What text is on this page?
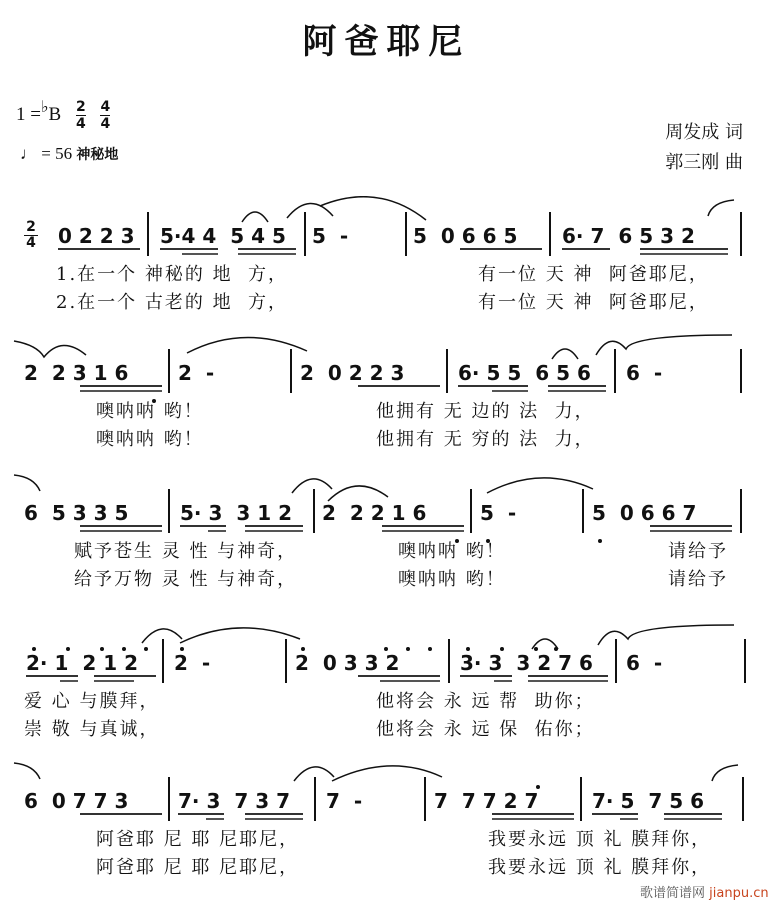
阿爸耶尼
$1 =^♭B \frac{2}{4}$
$\frac{4}{4}$
♩ = 56 神秘地
周发成 词
郭三刚 曲
2
4 0 2 2 3 5·4 4  5 4 5 5  -	5  0 6 6 5 6· 7  6 5 3 2
1.在一个 神秘的 地  方，	有一位 天 神  阿爸耶尼，
2.在一个 古老的 地  方，	有一位 天 神  阿爸耶尼，
2  2 3 1 6 2  -	2  0 2 2 3	6· 5 5  6 5 6 6  -
噢呐呐 哟！	他拥有 无 边的 法  力，
噢呐呐 哟！	他拥有 无 穷的 法  力，
6  5 3 3 5	5· 3  3 1 2 2  2 2 1 6	5  -	5  0 6 6 7
赋予苍生 灵 性 与神奇，	噢呐呐 哟！	请给予
给予万物 灵 性 与神奇，	噢呐呐 哟！	请给予
2· 1  2 1 2 2  -	2  0 3 3 2	3· 3  3 2 7 6 6  -
爱 心 与膜拜，	他将会 永 远 帮  助你；
崇 敬 与真诚，	他将会 永 远 保  佑你；
6  0 7 7 3 7· 3  7 3 7 7  -	7  7 7 2 7	7· 5  7 5 6
阿爸耶 尼 耶 尼耶尼，	我要永远 顶 礼 膜拜你，
阿爸耶 尼 耶 尼耶尼，	我要永远 顶 礼 膜拜你，
歌谱简谱网 jianpu.cn
